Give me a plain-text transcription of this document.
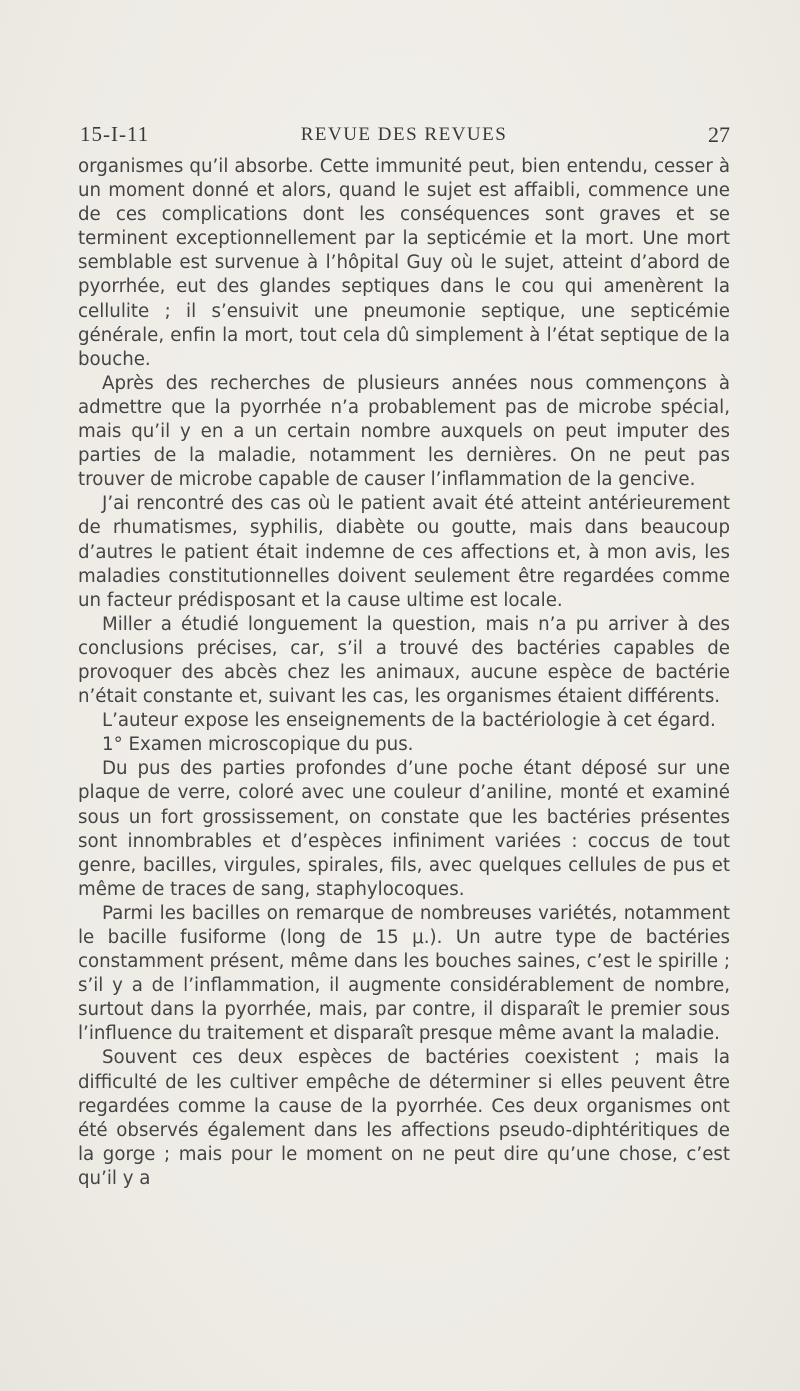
15-I-11	REVUE DES REVUES	27

organismes qu’il absorbe. Cette immunité peut, bien entendu, cesser à un moment donné et alors, quand le sujet est affaibli, commence une de ces complications dont les conséquences sont graves et se terminent exceptionnellement par la septicémie et la mort. Une mort semblable est survenue à l’hôpital Guy où le sujet, atteint d’abord de pyorrhée, eut des glandes septiques dans le cou qui amenèrent la cellulite ; il s’ensuivit une pneumonie septique, une septicémie générale, enfin la mort, tout cela dû simplement à l’état septique de la bouche.

Après des recherches de plusieurs années nous commençons à admettre que la pyorrhée n’a probablement pas de microbe spécial, mais qu’il y en a un certain nombre auxquels on peut imputer des parties de la maladie, notamment les dernières. On ne peut pas trouver de microbe capable de causer l’inflammation de la gencive.

J’ai rencontré des cas où le patient avait été atteint antérieurement de rhumatismes, syphilis, diabète ou goutte, mais dans beaucoup d’autres le patient était indemne de ces affections et, à mon avis, les maladies constitutionnelles doivent seulement être regardées comme un facteur prédisposant et la cause ultime est locale.

Miller a étudié longuement la question, mais n’a pu arriver à des conclusions précises, car, s’il a trouvé des bactéries capables de provoquer des abcès chez les animaux, aucune espèce de bactérie n’était constante et, suivant les cas, les organismes étaient différents.

L’auteur expose les enseignements de la bactériologie à cet égard.

1° Examen microscopique du pus.

Du pus des parties profondes d’une poche étant déposé sur une plaque de verre, coloré avec une couleur d’aniline, monté et examiné sous un fort grossissement, on constate que les bactéries présentes sont innombrables et d’espèces infiniment variées : coccus de tout genre, bacilles, virgules, spirales, fils, avec quelques cellules de pus et même de traces de sang, staphylocoques.

Parmi les bacilles on remarque de nombreuses variétés, notamment le bacille fusiforme (long de 15 μ.). Un autre type de bactéries constamment présent, même dans les bouches saines, c’est le spirille ; s’il y a de l’inflammation, il augmente considérablement de nombre, surtout dans la pyorrhée, mais, par contre, il disparaît le premier sous l’influence du traitement et disparaît presque même avant la maladie.

Souvent ces deux espèces de bactéries coexistent ; mais la difficulté de les cultiver empêche de déterminer si elles peuvent être regardées comme la cause de la pyorrhée. Ces deux organismes ont été observés également dans les affections pseudo-diphtéritiques de la gorge ; mais pour le moment on ne peut dire qu’une chose, c’est qu’il y a
